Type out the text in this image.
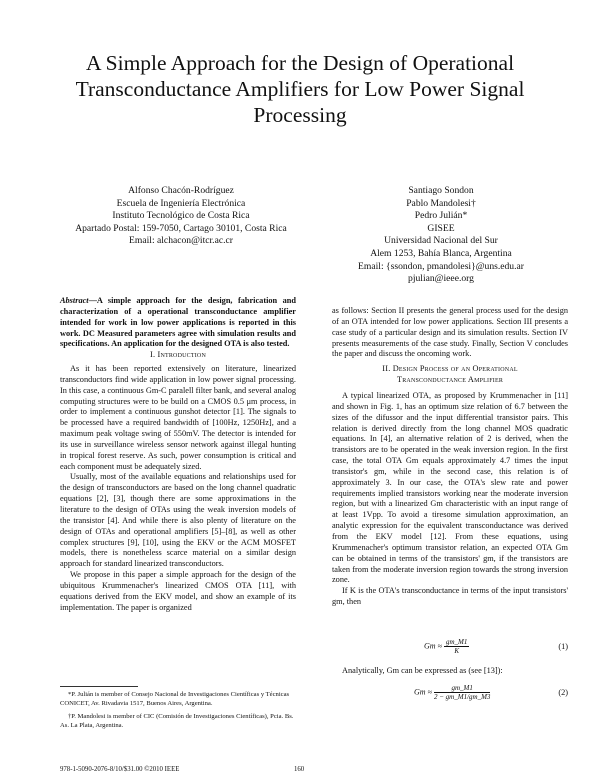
A Simple Approach for the Design of Operational Transconductance Amplifiers for Low Power Signal Processing
Alfonso Chacón-Rodríguez
Escuela de Ingeniería Electrónica
Instituto Tecnológico de Costa Rica
Apartado Postal: 159-7050, Cartago 30101, Costa Rica
Email: alchacon@itcr.ac.cr
Santiago Sondon
Pablo Mandolesi†
Pedro Julián*
GISEE
Universidad Nacional del Sur
Alem 1253, Bahía Blanca, Argentina
Email: {ssondon, pmandolesi}@uns.edu.ar
pjulian@ieee.org

Abstract—A simple approach for the design, fabrication and characterization of a operational transconductance amplifier intended for work in low power applications is reported in this work. DC Measured parameters agree with simulation results and specifications. An application for the designed OTA is also tested.

I. Introduction

As it has been reported extensively on literature, linearized transconductors find wide application in low power signal processing. In this case, a continuous Gm-C paralell filter bank, and several analog computing structures were to be build on a CMOS 0.5 μm process, in order to implement a continuous gunshot detector [1]. The signals to be processed have a required bandwidth of [100Hz, 1250Hz], and a maximum peak voltage swing of 550mV. The detector is intended for its use in surveillance wireless sensor network against illegal hunting in tropical forest reserve. As such, power consumption is critical and each component must be adequately sized.

Usually, most of the available equations and relationships used for the design of transconductors are based on the long channel quadratic equations [2], [3], though there are some approximations in the literature to the design of OTAs using the weak inversion models of the transistor [4]. And while there is also plenty of literature on the design of OTAs and operational amplifiers [5]–[8], as well as other complex structures [9], [10], using the EKV or the ACM MOSFET models, there is nonetheless scarce material on a similar design approach for standard linearized transconductors.

We propose in this paper a simple approach for the design of the ubiquitous Krummenacher's linearized CMOS OTA [11], with equations derived from the EKV model, and show an example of its implementation. The paper is organized

*P. Julián is member of Consejo Nacional de Investigaciones Científicas y Técnicas CONICET, Av. Rivadavia 1517, Buenos Aires, Argentina.

†P. Mandolesi is member of CIC (Comisión de Investigaciones Científicas), Pcia. Bs. As. La Plata, Argentina.

as follows: Section II presents the general process used for the design of an OTA intended for low power applications. Section III presents a case study of a particular design and its simulation results. Section IV presents measurements of the case study. Finally, Section V concludes the paper and discuss the oncoming work.

II. Design Process of an Operational
Transconductance Amplifier

A typical linearized OTA, as proposed by Krummenacher in [11] and shown in Fig. 1, has an optimum size relation of 6.7 between the sizes of the difussor and the input differential transistor pairs. This relation is derived directly from the long channel MOS quadratic equations. In [4], an alternative relation of 2 is derived, when the transistors are to be operated in the weak inversion region. In the first case, the total OTA Gm equals approximately 4.7 times the input transistor's gm, while in the second case, this relation is of approximately 3. In our case, the OTA's slew rate and power requirements implied transistors working near the moderate inversion region, but with a linearized Gm characteristic with an input range of at least 1Vpp. To avoid a tiresome simulation approximation, an analytic expression for the equivalent transconductance was derived from the EKV model [12]. From these equations, using Krummenacher's optimum transistor relation, an expected OTA Gm can be obtained in terms of the transistors' gm, if the transistors are taken from the moderate inversion region towards the strong inversion zone.

If K is the OTA's transconductance in terms of the input transistors' gm, then

$Gm \approx \frac{gm\_M1}{K}$	(1)

Analytically, Gm can be expressed as (see [13]):

$Gm \approx \frac{gm\_M1}{2 - gm\_M1/gm\_M3}$	(2)
978-1-5090-2076-8/10/$31.00 ©2010 IEEE	160
